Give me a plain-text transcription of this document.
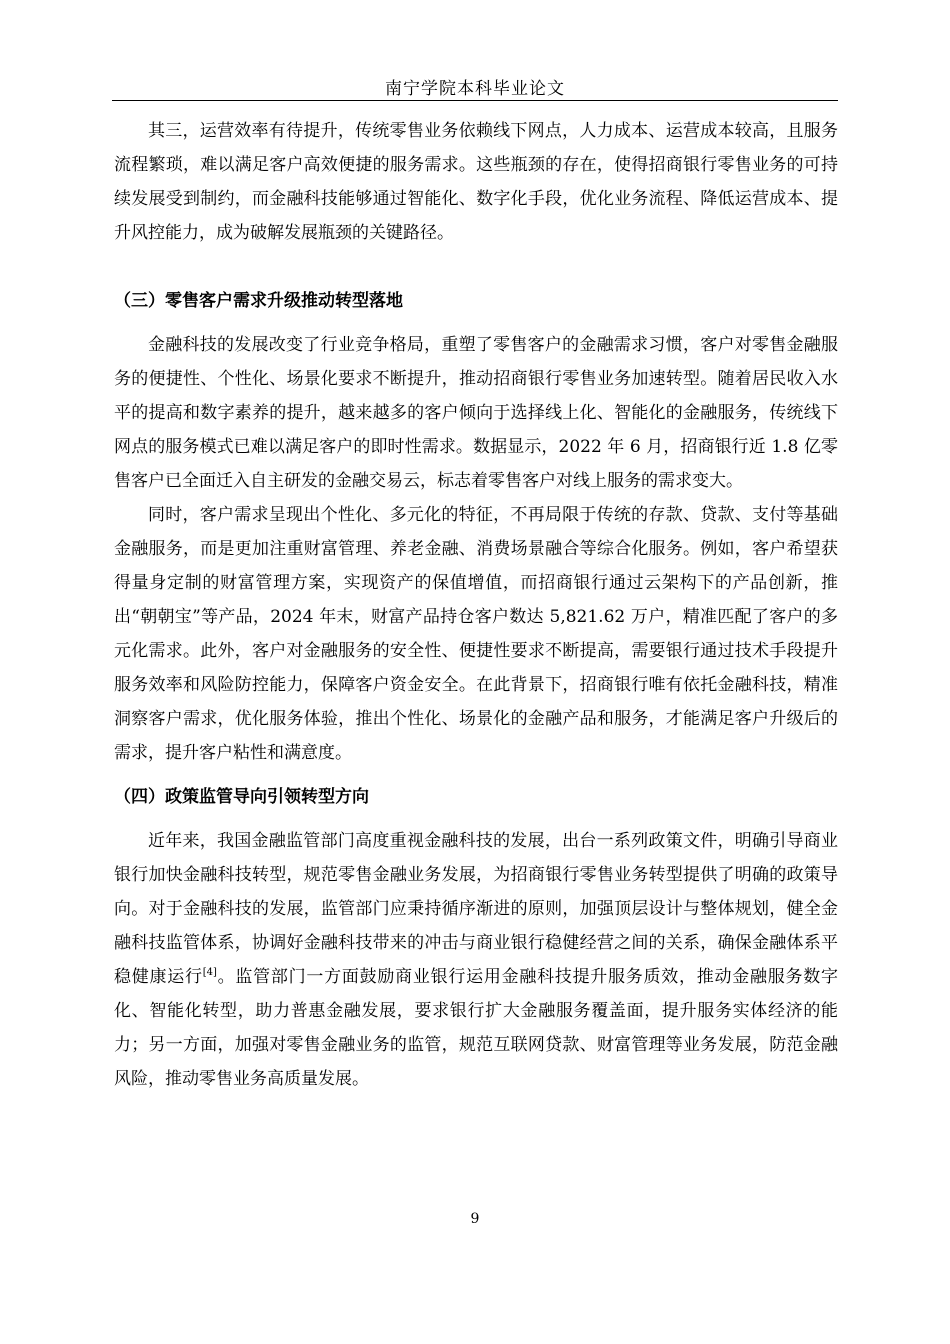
南宁学院本科毕业论文

其三，运营效率有待提升，传统零售业务依赖线下网点，人力成本、运营成本较高，且服务流程繁琐，难以满足客户高效便捷的服务需求。这些瓶颈的存在，使得招商银行零售业务的可持续发展受到制约，而金融科技能够通过智能化、数字化手段，优化业务流程、降低运营成本、提升风控能力，成为破解发展瓶颈的关键路径。

（三）零售客户需求升级推动转型落地

金融科技的发展改变了行业竞争格局，重塑了零售客户的金融需求习惯，客户对零售金融服务的便捷性、个性化、场景化要求不断提升，推动招商银行零售业务加速转型。随着居民收入水平的提高和数字素养的提升，越来越多的客户倾向于选择线上化、智能化的金融服务，传统线下网点的服务模式已难以满足客户的即时性需求。数据显示，2022 年 6 月，招商银行近 1.8 亿零售客户已全面迁入自主研发的金融交易云，标志着零售客户对线上服务的需求变大。

同时，客户需求呈现出个性化、多元化的特征，不再局限于传统的存款、贷款、支付等基础金融服务，而是更加注重财富管理、养老金融、消费场景融合等综合化服务。例如，客户希望获得量身定制的财富管理方案，实现资产的保值增值，而招商银行通过云架构下的产品创新，推出“朝朝宝”等产品，2024 年末，财富产品持仓客户数达 5,821.62 万户，精准匹配了客户的多元化需求。此外，客户对金融服务的安全性、便捷性要求不断提高，需要银行通过技术手段提升服务效率和风险防控能力，保障客户资金安全。在此背景下，招商银行唯有依托金融科技，精准洞察客户需求，优化服务体验，推出个性化、场景化的金融产品和服务，才能满足客户升级后的需求，提升客户粘性和满意度。

（四）政策监管导向引领转型方向

近年来，我国金融监管部门高度重视金融科技的发展，出台一系列政策文件，明确引导商业银行加快金融科技转型，规范零售金融业务发展，为招商银行零售业务转型提供了明确的政策导向。对于金融科技的发展，监管部门应秉持循序渐进的原则，加强顶层设计与整体规划，健全金融科技监管体系，协调好金融科技带来的冲击与商业银行稳健经营之间的关系，确保金融体系平稳健康运行[4]。监管部门一方面鼓励商业银行运用金融科技提升服务质效，推动金融服务数字化、智能化转型，助力普惠金融发展，要求银行扩大金融服务覆盖面，提升服务实体经济的能力；另一方面，加强对零售金融业务的监管，规范互联网贷款、财富管理等业务发展，防范金融风险，推动零售业务高质量发展。

9
